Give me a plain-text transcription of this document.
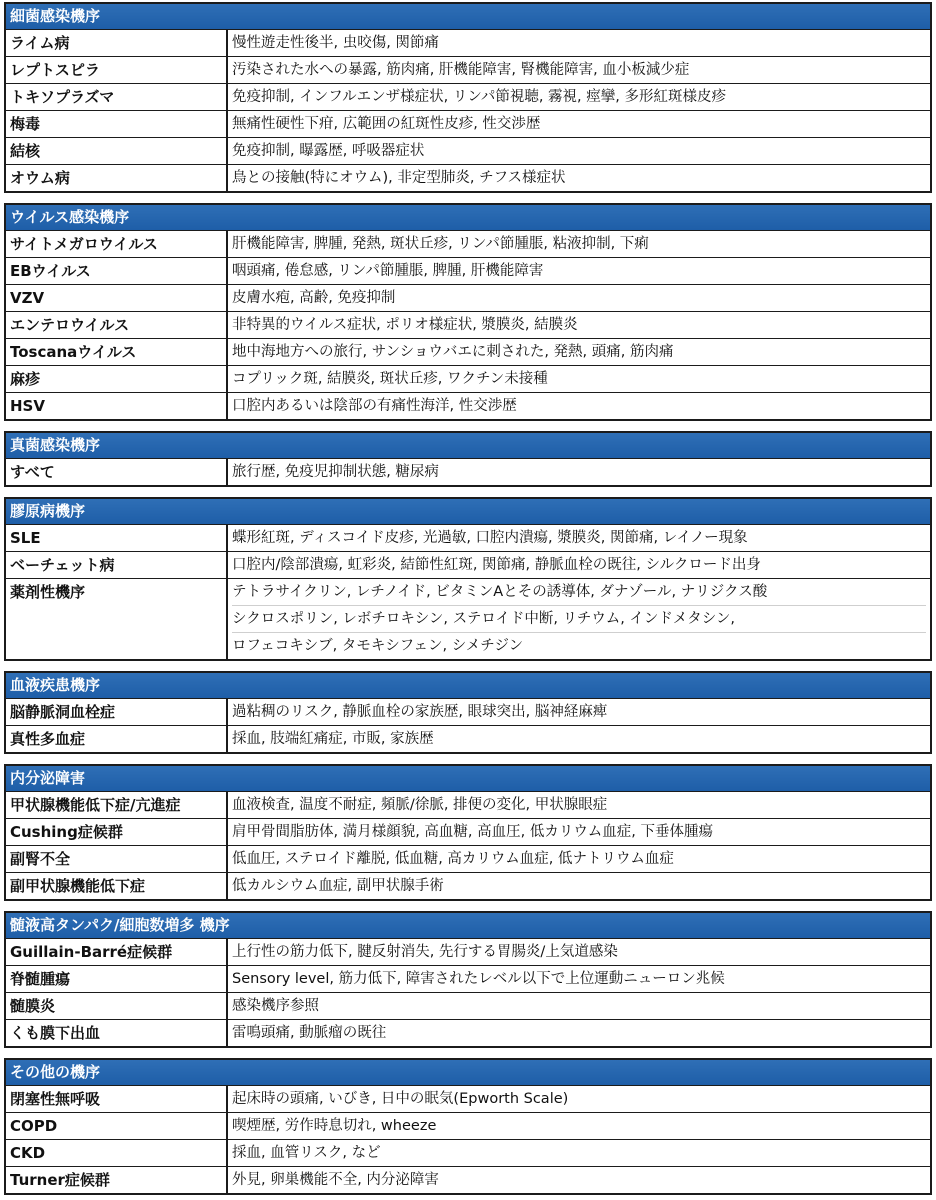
細菌感染機序
ライム病	慢性遊走性後半, 虫咬傷, 関節痛

レプトスピラ	汚染された水への暴露, 筋肉痛, 肝機能障害, 腎機能障害, 血小板減少症

トキソプラズマ	免疫抑制, インフルエンザ様症状, リンパ節視聴, 霧視, 痙攣, 多形紅斑様皮疹

梅毒	無痛性硬性下疳, 広範囲の紅斑性皮疹, 性交渉歴

結核	免疫抑制, 曝露歴, 呼吸器症状

オウム病	鳥との接触(特にオウム), 非定型肺炎, チフス様症状
ウイルス感染機序
サイトメガロウイルス	肝機能障害, 脾腫, 発熱, 斑状丘疹, リンパ節腫脹, 粘液抑制, 下痢

EBウイルス	咽頭痛, 倦怠感, リンパ節腫脹, 脾腫, 肝機能障害

VZV	皮膚水疱, 高齢, 免疫抑制

エンテロウイルス	非特異的ウイルス症状, ポリオ様症状, 漿膜炎, 結膜炎

Toscanaウイルス	地中海地方への旅行, サンショウバエに刺された, 発熱, 頭痛, 筋肉痛

麻疹	コプリック斑, 結膜炎, 斑状丘疹, ワクチン未接種

HSV	口腔内あるいは陰部の有痛性海洋, 性交渉歴
真菌感染機序
すべて	旅行歴, 免疫児抑制状態, 糖尿病
膠原病機序
SLE	蝶形紅斑, ディスコイド皮疹, 光過敏, 口腔内潰瘍, 漿膜炎, 関節痛, レイノー現象

ベーチェット病	口腔内/陰部潰瘍, 虹彩炎, 結節性紅斑, 関節痛, 静脈血栓の既往, シルクロード出身

薬剤性機序	テトラサイクリン, レチノイド, ビタミンAとその誘導体, ダナゾール, ナリジクス酸
シクロスポリン, レボチロキシン, ステロイド中断, リチウム, インドメタシン,
ロフェコキシブ, タモキシフェン, シメチジン
血液疾患機序
脳静脈洞血栓症	過粘稠のリスク, 静脈血栓の家族歴, 眼球突出, 脳神経麻痺

真性多血症	採血, 肢端紅痛症, 市販, 家族歴
内分泌障害
甲状腺機能低下症/亢進症	血液検査, 温度不耐症, 頻脈/徐脈, 排便の変化, 甲状腺眼症

Cushing症候群	肩甲骨間脂肪体, 満月様顔貌, 高血糖, 高血圧, 低カリウム血症, 下垂体腫瘍

副腎不全	低血圧, ステロイド離脱, 低血糖, 高カリウム血症, 低ナトリウム血症

副甲状腺機能低下症	低カルシウム血症, 副甲状腺手術
髄液高タンパク/細胞数増多 機序
Guillain-Barré症候群	上行性の筋力低下, 腱反射消失, 先行する胃腸炎/上気道感染

脊髄腫瘍	Sensory level, 筋力低下, 障害されたレベル以下で上位運動ニューロン兆候

髄膜炎	感染機序参照

くも膜下出血	雷鳴頭痛, 動脈瘤の既往
その他の機序
閉塞性無呼吸	起床時の頭痛, いびき, 日中の眠気(Epworth Scale)

COPD	喫煙歴, 労作時息切れ, wheeze

CKD	採血, 血管リスク, など

Turner症候群	外見, 卵巣機能不全, 内分泌障害
